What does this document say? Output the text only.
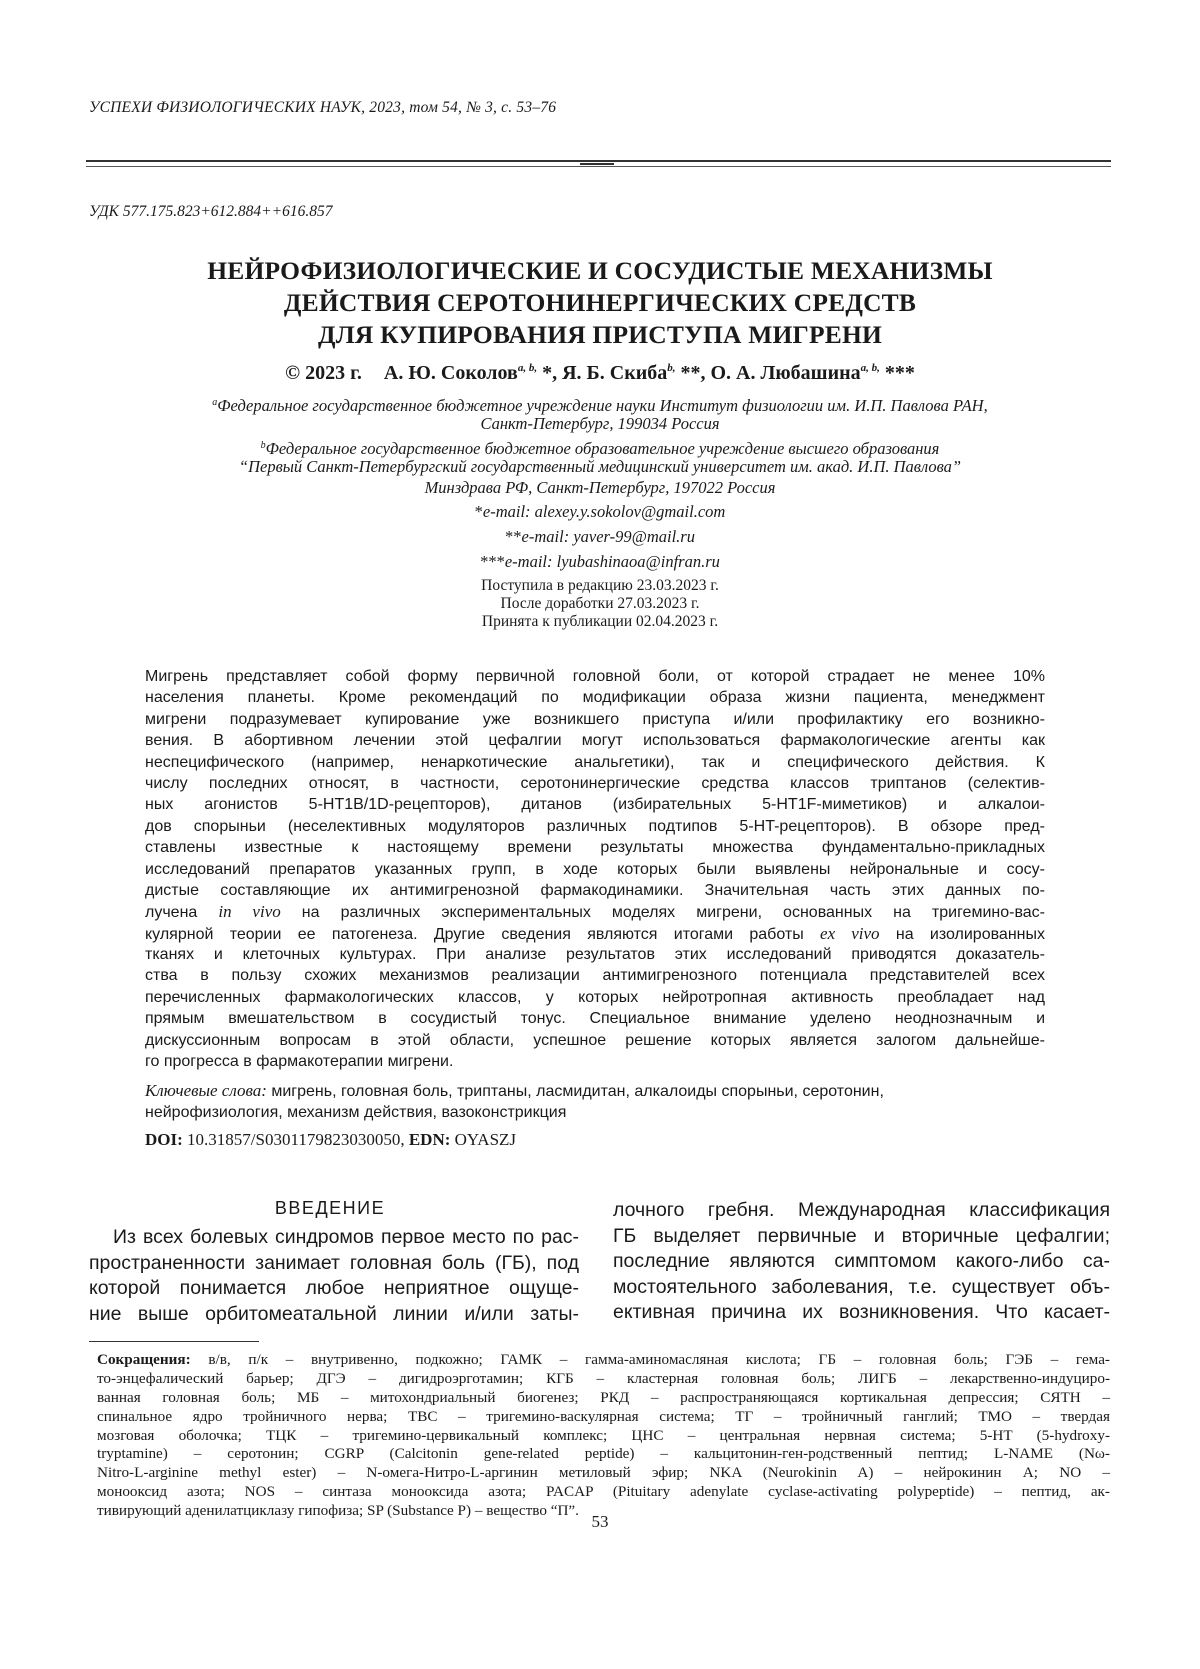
УСПЕХИ ФИЗИОЛОГИЧЕСКИХ НАУК, 2023, том 54, № 3, с. 53–76
УДК 577.175.823+612.884++616.857
НЕЙРОФИЗИОЛОГИЧЕСКИЕ И СОСУДИСТЫЕ МЕХАНИЗМЫ
ДЕЙСТВИЯ СЕРОТОНИНЕРГИЧЕСКИХ СРЕДСТВ
ДЛЯ КУПИРОВАНИЯ ПРИСТУПА МИГРЕНИ
© 2023 г. А. Ю. Соколовa, b, *, Я. Б. Скибаb, **, О. А. Любашинаa, b, ***
aФедеральное государственное бюджетное учреждение науки Институт физиологии им. И.П. Павлова РАН,
Санкт-Петербург, 199034 Россия
bФедеральное государственное бюджетное образовательное учреждение высшего образования
“Первый Санкт-Петербургский государственный медицинский университет им. акад. И.П. Павлова”
Минздрава РФ, Санкт-Петербург, 197022 Россия
*e-mail: alexey.y.sokolov@gmail.com
**e-mail: yaver-99@mail.ru
***e-mail: lyubashinaoa@infran.ru
Поступила в редакцию 23.03.2023 г.
После доработки 27.03.2023 г.
Принята к публикации 02.04.2023 г.
Мигрень представляет собой форму первичной головной боли, от которой страдает не менее 10%
населения планеты. Кроме рекомендаций по модификации образа жизни пациента, менеджмент
мигрени подразумевает купирование уже возникшего приступа и/или профилактику его возникно-
вения. В абортивном лечении этой цефалгии могут использоваться фармакологические агенты как
неспецифического (например, ненаркотические анальгетики), так и специфического действия. К
числу последних относят, в частности, серотонинергические средства классов триптанов (селектив-
ных агонистов 5-HT1B/1D-рецепторов), дитанов (избирательных 5-HT1F-миметиков) и алкалои-
дов спорыньи (неселективных модуляторов различных подтипов 5-HT-рецепторов). В обзоре пред-
ставлены известные к настоящему времени результаты множества фундаментально-прикладных
исследований препаратов указанных групп, в ходе которых были выявлены нейрональные и сосу-
дистые составляющие их антимигренозной фармакодинамики. Значительная часть этих данных по-
лучена in vivo на различных экспериментальных моделях мигрени, основанных на тригемино-вас-
кулярной теории ее патогенеза. Другие сведения являются итогами работы ex vivo на изолированных
тканях и клеточных культурах. При анализе результатов этих исследований приводятся доказатель-
ства в пользу схожих механизмов реализации антимигренозного потенциала представителей всех
перечисленных фармакологических классов, у которых нейротропная активность преобладает над
прямым вмешательством в сосудистый тонус. Специальное внимание уделено неоднозначным и
дискуссионным вопросам в этой области, успешное решение которых является залогом дальнейше-
го прогресса в фармакотерапии мигрени.
Ключевые слова: мигрень, головная боль, триптаны, ласмидитан, алкалоиды спорыньи, серотонин,
нейрофизиология, механизм действия, вазоконстрикция
DOI: 10.31857/S0301179823030050, EDN: OYASZJ
ВВЕДЕНИЕ
Из всех болевых синдромов первое место по рас-
пространенности занимает головная боль (ГБ), под
которой понимается любое неприятное ощуще-
ние выше орбитомеатальной линии и/или заты-
лочного гребня. Международная классификация
ГБ выделяет первичные и вторичные цефалгии;
последние являются симптомом какого-либо са-
мостоятельного заболевания, т.е. существует объ-
ективная причина их возникновения. Что касает-
Сокращения: в/в, п/к – внутривенно, подкожно; ГАМК – гамма-аминомасляная кислота; ГБ – головная боль; ГЭБ – гема-
то-энцефалический барьер; ДГЭ – дигидроэрготамин; КГБ – кластерная головная боль; ЛИГБ – лекарственно-индуциро-
ванная головная боль; МБ – митохондриальный биогенез; РКД – распространяющаяся кортикальная депрессия; СЯТН –
спинальное ядро тройничного нерва; ТВС – тригемино-васкулярная система; ТГ – тройничный ганглий; ТМО – твердая
мозговая оболочка; ТЦК – тригемино-цервикальный комплекс; ЦНС – центральная нервная система; 5-HT (5-hydroxy-
tryptamine) – серотонин; CGRP (Calcitonin gene-related peptide) – кальцитонин-ген-родственный пептид; L-NAME (Nω-
Nitro-L-arginine methyl ester) – N-омега-Нитро-L-аргинин метиловый эфир; NKA (Neurokinin A) – нейрокинин A; NO –
монооксид азота; NOS – синтаза монооксида азота; PACAP (Pituitary adenylate cyclase-activating polypeptide) – пептид, ак-
тивирующий аденилатциклазу гипофиза; SP (Substance P) – вещество “П”.
53
